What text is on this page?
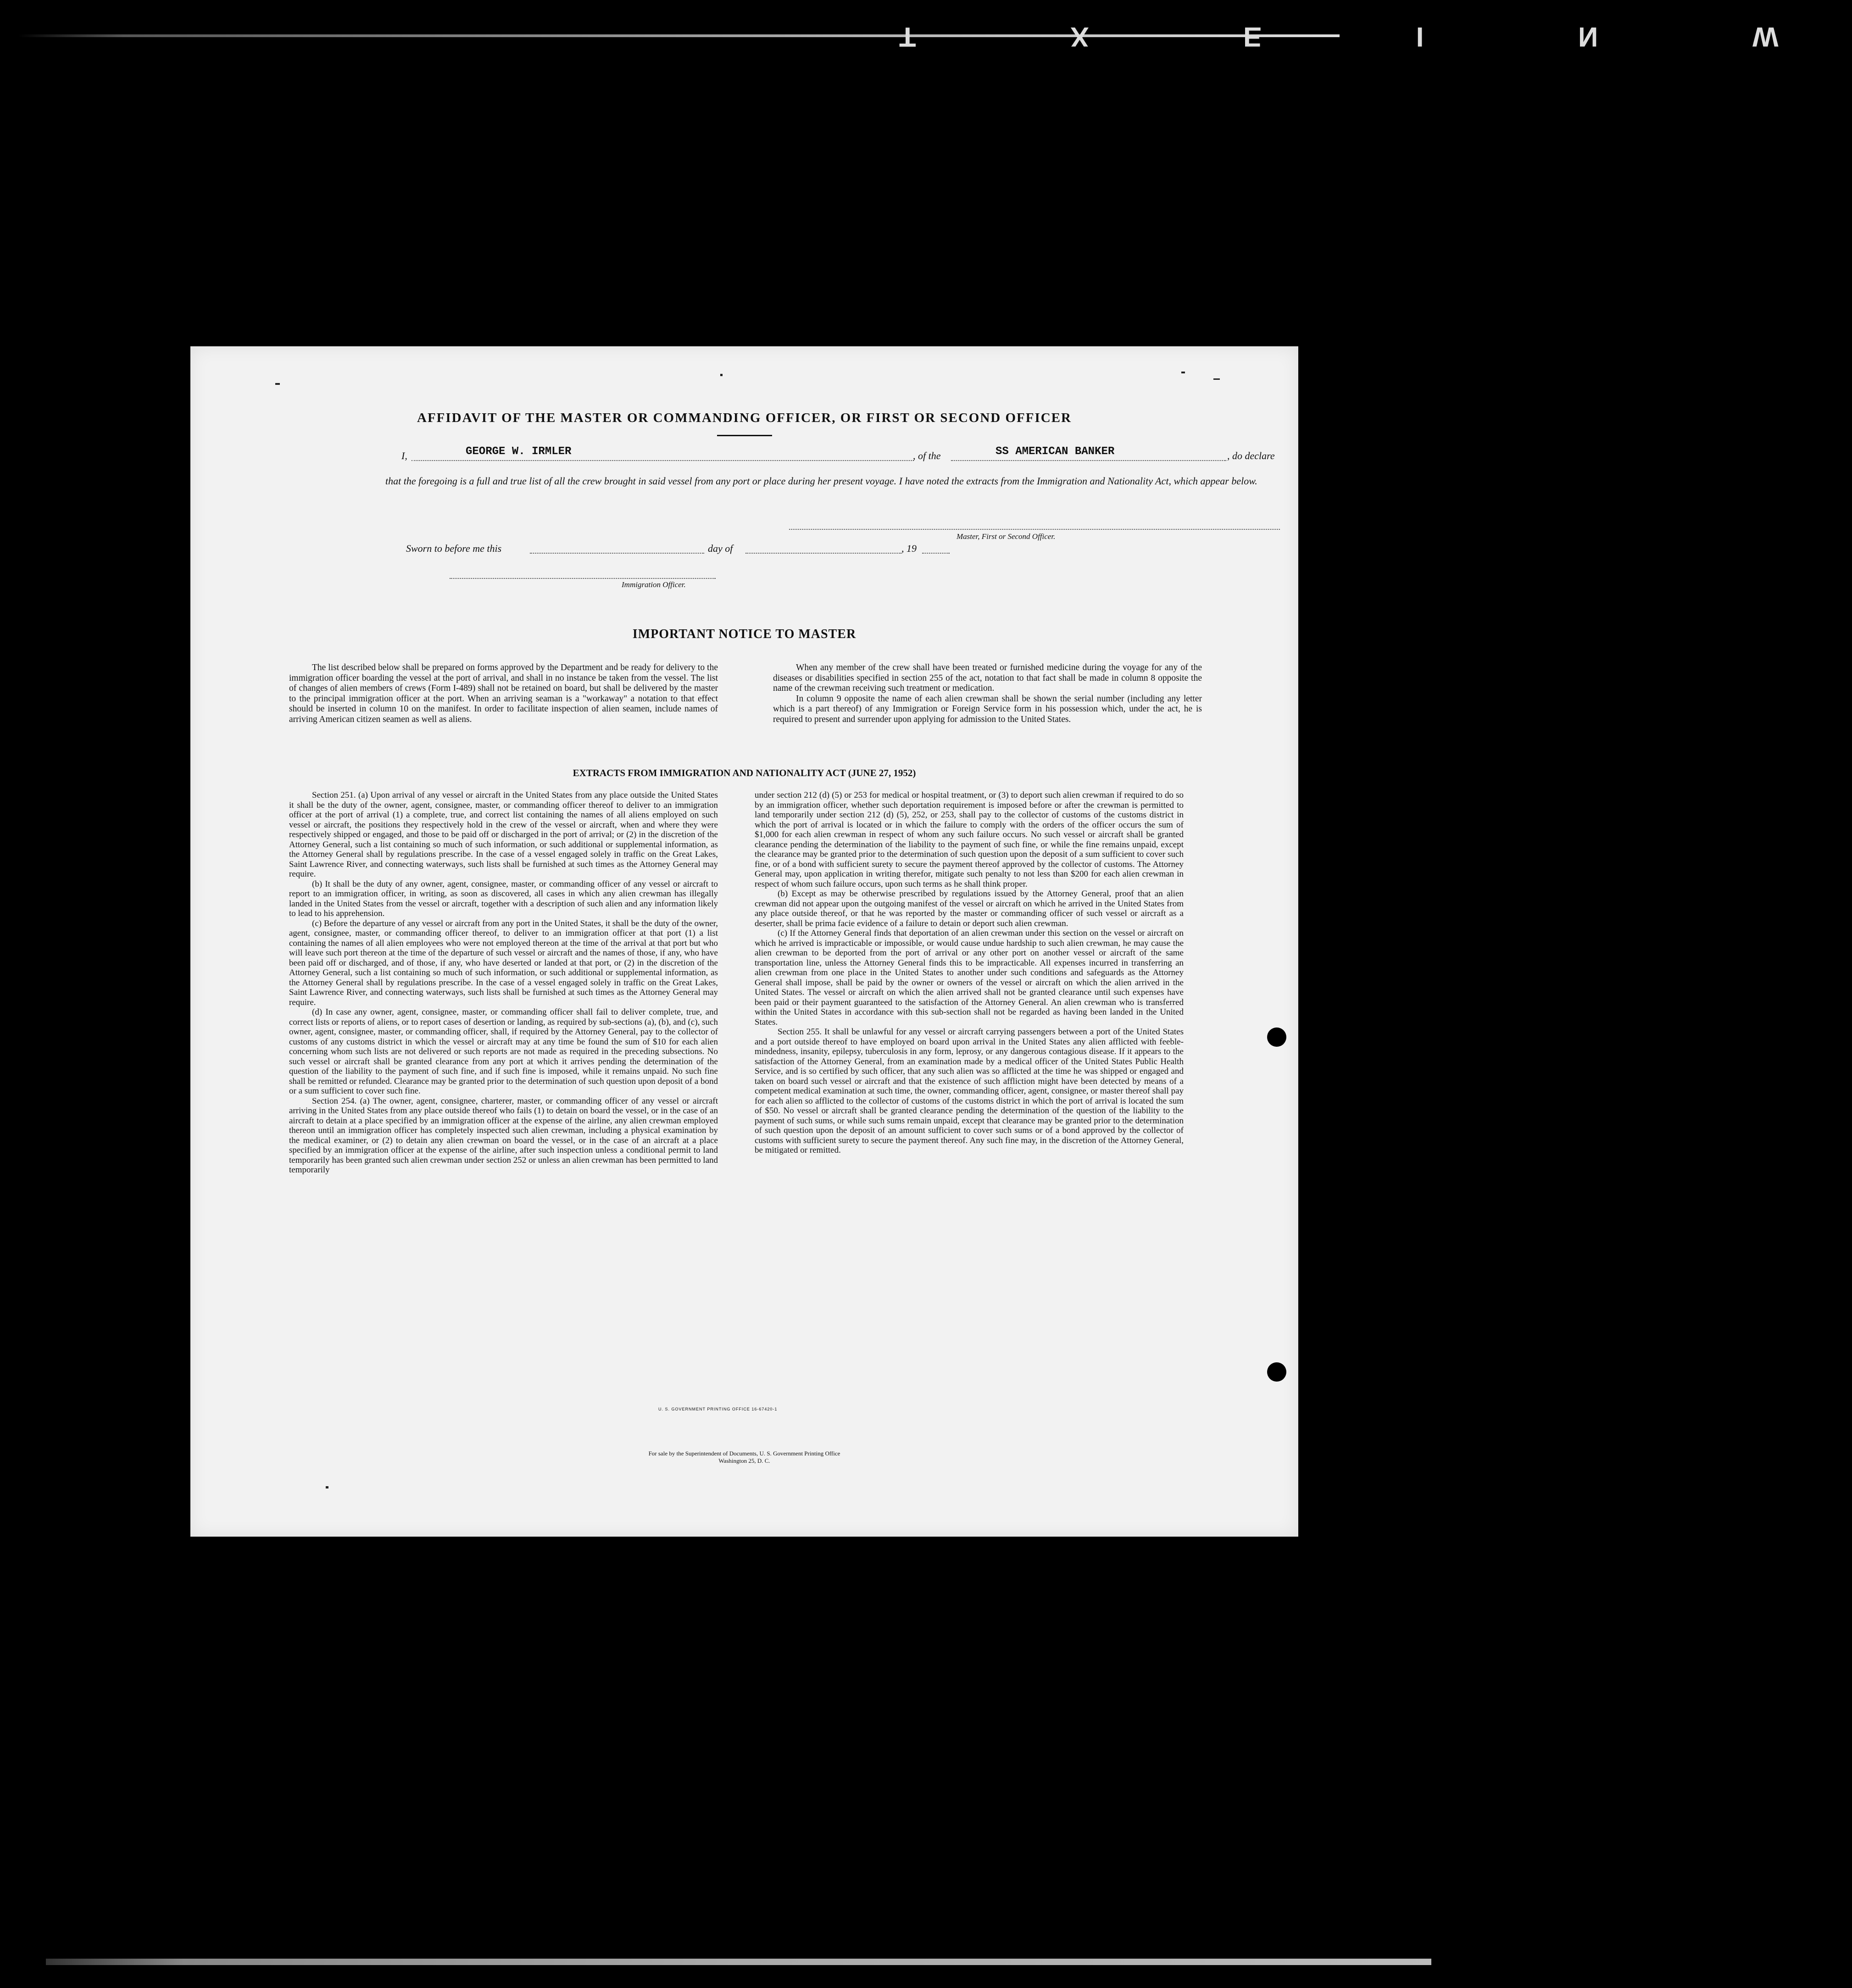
T X E I N W
AFFIDAVIT OF THE MASTER OR COMMANDING OFFICER, OR FIRST OR SECOND OFFICER
I,	GEORGE W. IRMLER	, of the	SS AMERICAN BANKER	, do declare
that the foregoing is a full and true list of all the crew brought in said vessel from any port or place during her present voyage. I have noted the extracts from the Immigration and Nationality Act, which appear below.
Master, First or Second Officer.
Sworn to before me this	day of	, 19
Immigration Officer.
IMPORTANT NOTICE TO MASTER

The list described below shall be prepared on forms approved by the Department and be ready for delivery to the immigration officer boarding the vessel at the port of arrival, and shall in no instance be taken from the vessel. The list of changes of alien members of crews (Form I-489) shall not be retained on board, but shall be delivered by the master to the principal immigration officer at the port. When an arriving seaman is a "workaway" a notation to that effect should be inserted in column 10 on the manifest. In order to facilitate inspection of alien seamen, include names of arriving American citizen seamen as well as aliens.

When any member of the crew shall have been treated or furnished medicine during the voyage for any of the diseases or disabilities specified in section 255 of the act, notation to that fact shall be made in column 8 opposite the name of the crewman receiving such treatment or medication.

In column 9 opposite the name of each alien crewman shall be shown the serial number (including any letter which is a part thereof) of any Immigration or Foreign Service form in his possession which, under the act, he is required to present and surrender upon applying for admission to the United States.

EXTRACTS FROM IMMIGRATION AND NATIONALITY ACT (JUNE 27, 1952)

Section 251. (a) Upon arrival of any vessel or aircraft in the United States from any place outside the United States it shall be the duty of the owner, agent, consignee, master, or commanding officer thereof to deliver to an immigration officer at the port of arrival (1) a complete, true, and correct list containing the names of all aliens employed on such vessel or aircraft, the positions they respectively hold in the crew of the vessel or aircraft, when and where they were respectively shipped or engaged, and those to be paid off or discharged in the port of arrival; or (2) in the discretion of the Attorney General, such a list containing so much of such information, or such additional or supplemental information, as the Attorney General shall by regulations prescribe. In the case of a vessel engaged solely in traffic on the Great Lakes, Saint Lawrence River, and connecting waterways, such lists shall be furnished at such times as the Attorney General may require.

(b) It shall be the duty of any owner, agent, consignee, master, or commanding officer of any vessel or aircraft to report to an immigration officer, in writing, as soon as discovered, all cases in which any alien crewman has illegally landed in the United States from the vessel or aircraft, together with a description of such alien and any information likely to lead to his apprehension.

(c) Before the departure of any vessel or aircraft from any port in the United States, it shall be the duty of the owner, agent, consignee, master, or commanding officer thereof, to deliver to an immigration officer at that port (1) a list containing the names of all alien employees who were not employed thereon at the time of the arrival at that port but who will leave such port thereon at the time of the departure of such vessel or aircraft and the names of those, if any, who have been paid off or discharged, and of those, if any, who have deserted or landed at that port, or (2) in the discretion of the Attorney General, such a list containing so much of such information, or such additional or supplemental information, as the Attorney General shall by regulations prescribe. In the case of a vessel engaged solely in traffic on the Great Lakes, Saint Lawrence River, and connecting waterways, such lists shall be furnished at such times as the Attorney General may require.

(d) In case any owner, agent, consignee, master, or commanding officer shall fail to deliver complete, true, and correct lists or reports of aliens, or to report cases of desertion or landing, as required by sub-sections (a), (b), and (c), such owner, agent, consignee, master, or commanding officer, shall, if required by the Attorney General, pay to the collector of customs of any customs district in which the vessel or aircraft may at any time be found the sum of $10 for each alien concerning whom such lists are not delivered or such reports are not made as required in the preceding subsections. No such vessel or aircraft shall be granted clearance from any port at which it arrives pending the determination of the question of the liability to the payment of such fine, and if such fine is imposed, while it remains unpaid. No such fine shall be remitted or refunded. Clearance may be granted prior to the determination of such question upon deposit of a bond or a sum sufficient to cover such fine.

Section 254. (a) The owner, agent, consignee, charterer, master, or commanding officer of any vessel or aircraft arriving in the United States from any place outside thereof who fails (1) to detain on board the vessel, or in the case of an aircraft to detain at a place specified by an immigration officer at the expense of the airline, any alien crewman employed thereon until an immigration officer has completely inspected such alien crewman, including a physical examination by the medical examiner, or (2) to detain any alien crewman on board the vessel, or in the case of an aircraft at a place specified by an immigration officer at the expense of the airline, after such inspection unless a conditional permit to land temporarily has been granted such alien crewman under section 252 or unless an alien crewman has been permitted to land temporarily

under section 212 (d) (5) or 253 for medical or hospital treatment, or (3) to deport such alien crewman if required to do so by an immigration officer, whether such deportation requirement is imposed before or after the crewman is permitted to land temporarily under section 212 (d) (5), 252, or 253, shall pay to the collector of customs of the customs district in which the port of arrival is located or in which the failure to comply with the orders of the officer occurs the sum of $1,000 for each alien crewman in respect of whom any such failure occurs. No such vessel or aircraft shall be granted clearance pending the determination of the liability to the payment of such fine, or while the fine remains unpaid, except the clearance may be granted prior to the determination of such question upon the deposit of a sum sufficient to cover such fine, or of a bond with sufficient surety to secure the payment thereof approved by the collector of customs. The Attorney General may, upon application in writing therefor, mitigate such penalty to not less than $200 for each alien crewman in respect of whom such failure occurs, upon such terms as he shall think proper.

(b) Except as may be otherwise prescribed by regulations issued by the Attorney General, proof that an alien crewman did not appear upon the outgoing manifest of the vessel or aircraft on which he arrived in the United States from any place outside thereof, or that he was reported by the master or commanding officer of such vessel or aircraft as a deserter, shall be prima facie evidence of a failure to detain or deport such alien crewman.

(c) If the Attorney General finds that deportation of an alien crewman under this section on the vessel or aircraft on which he arrived is impracticable or impossible, or would cause undue hardship to such alien crewman, he may cause the alien crewman to be deported from the port of arrival or any other port on another vessel or aircraft of the same transportation line, unless the Attorney General finds this to be impracticable. All expenses incurred in transferring an alien crewman from one place in the United States to another under such conditions and safeguards as the Attorney General shall impose, shall be paid by the owner or owners of the vessel or aircraft on which the alien arrived in the United States. The vessel or aircraft on which the alien arrived shall not be granted clearance until such expenses have been paid or their payment guaranteed to the satisfaction of the Attorney General. An alien crewman who is transferred within the United States in accordance with this sub-section shall not be regarded as having been landed in the United States.

Section 255. It shall be unlawful for any vessel or aircraft carrying passengers between a port of the United States and a port outside thereof to have employed on board upon arrival in the United States any alien afflicted with feeble-mindedness, insanity, epilepsy, tuberculosis in any form, leprosy, or any dangerous contagious disease. If it appears to the satisfaction of the Attorney General, from an examination made by a medical officer of the United States Public Health Service, and is so certified by such officer, that any such alien was so afflicted at the time he was shipped or engaged and taken on board such vessel or aircraft and that the existence of such affliction might have been detected by means of a competent medical examination at such time, the owner, commanding officer, agent, consignee, or master thereof shall pay for each alien so afflicted to the collector of customs of the customs district in which the port of arrival is located the sum of $50. No vessel or aircraft shall be granted clearance pending the determination of the question of the liability to the payment of such sums, or while such sums remain unpaid, except that clearance may be granted prior to the determination of such question upon the deposit of an amount sufficient to cover such sums or of a bond approved by the collector of customs with sufficient surety to secure the payment thereof. Any such fine may, in the discretion of the Attorney General, be mitigated or remitted.

U. S. GOVERNMENT PRINTING OFFICE 16-67420-1
For sale by the Superintendent of Documents, U. S. Government Printing Office
Washington 25, D. C.
